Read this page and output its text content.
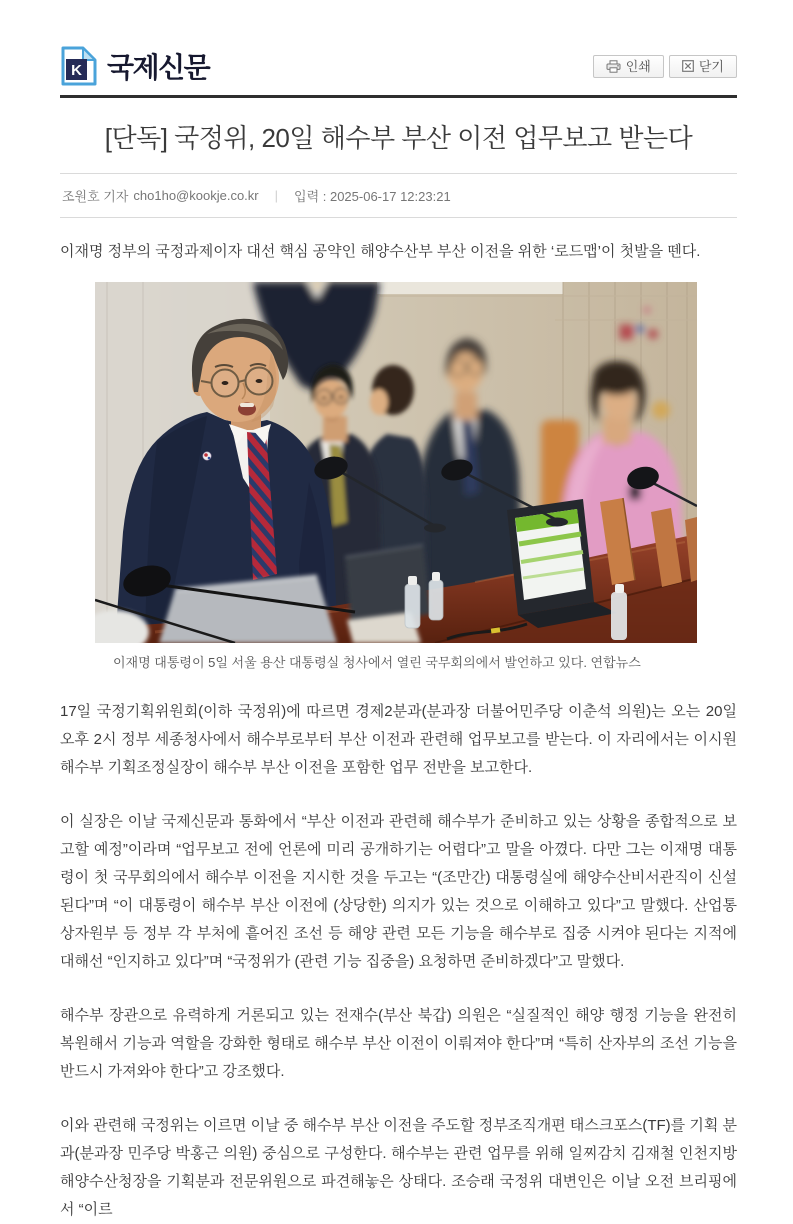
K 국제신문	인쇄	닫기
[단독] 국정위, 20일 해수부 부산 이전 업무보고 받는다
조원호 기자 cho1ho@kookje.co.kr | 입력 : 2025-06-17 12:23:21

이재명 정부의 국정과제이자 대선 핵심 공약인 해양수산부 부산 이전을 위한 ‘로드맵’이 첫발을 뗀다.

이재명 대통령이 5일 서울 용산 대통령실 청사에서 열린 국무회의에서 발언하고 있다. 연합뉴스

17일 국정기획위원회(이하 국정위)에 따르면 경제2분과(분과장 더불어민주당 이춘석 의원)는 오는 20일 오후 2시 정부 세종청사에서 해수부로부터 부산 이전과 관련해 업무보고를 받는다. 이 자리에서는 이시원 해수부 기획조정실장이 해수부 부산 이전을 포함한 업무 전반을 보고한다.

이 실장은 이날 국제신문과 통화에서 “부산 이전과 관련해 해수부가 준비하고 있는 상황을 종합적으로 보고할 예정”이라며 “업무보고 전에 언론에 미리 공개하기는 어렵다”고 말을 아꼈다. 다만 그는 이재명 대통령이 첫 국무회의에서 해수부 이전을 지시한 것을 두고는 “(조만간) 대통령실에 해양수산비서관직이 신설된다”며 “이 대통령이 해수부 부산 이전에 (상당한) 의지가 있는 것으로 이해하고 있다”고 말했다. 산업통상자원부 등 정부 각 부처에 흩어진 조선 등 해양 관련 모든 기능을 해수부로 집중 시켜야 된다는 지적에 대해선 “인지하고 있다”며 “국정위가 (관련 기능 집중을) 요청하면 준비하겠다”고 말했다.

해수부 장관으로 유력하게 거론되고 있는 전재수(부산 북갑) 의원은 “실질적인 해양 행정 기능을 완전히 복원해서 기능과 역할을 강화한 형태로 해수부 부산 이전이 이뤄져야 한다”며 “특히 산자부의 조선 기능을 반드시 가져와야 한다”고 강조했다.

이와 관련해 국정위는 이르면 이날 중 해수부 부산 이전을 주도할 정부조직개편 태스크포스(TF)를 기획 분과(분과장 민주당 박홍근 의원) 중심으로 구성한다. 해수부는 관련 업무를 위해 일찌감치 김재철 인천지방해양수산청장을 기획분과 전문위원으로 파견해놓은 상태다. 조승래 국정위 대변인은 이날 오전 브리핑에서 “이르
